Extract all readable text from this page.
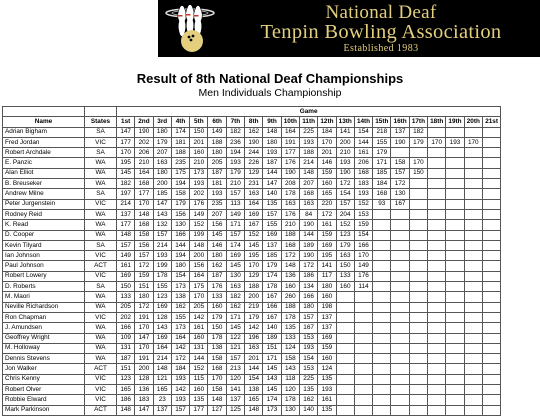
National Deaf
Tenpin Bowling Association
Established 1983
Result of 8th National Deaf Championships
Men Individuals Championship
		Game																				
Name	States	1st	2nd	3rd	4th	5th	6th	7th	8th	9th	10th	11th	12th	13th	14th	15th	16th	17th	18th	19th	20th	21st
Adrian Bigham	SA	147	190	180	174	150	149	182	162	148	164	225	184	141	154	218	137	182				
Fred Jordan	VIC	177	202	179	181	201	188	236	190	180	191	193	170	200	144	155	190	179	170	193	170	
Robert Archdale	SA	170	206	207	188	160	180	194	244	193	177	188	201	210	161	179						
E. Panzic	WA	195	210	163	235	210	205	193	226	187	176	214	146	193	206	171	158	170				
Alan Elliot	WA	145	164	180	175	173	187	179	129	144	190	148	159	190	168	185	157	150				
B. Breuseker	WA	182	168	200	194	193	181	210	231	147	208	207	160	172	183	184	172					
Andrew Milne	SA	197	177	185	158	202	193	157	163	140	178	168	165	154	193	168	130					
Peter Jurgenstein	VIC	214	170	147	179	176	235	113	164	135	163	163	220	157	152	93	167					
Rodney Reid	WA	137	148	143	156	149	207	149	169	157	176	84	172	204	153							
K. Read	WA	177	168	132	130	152	156	171	167	155	210	190	161	152	159							
D. Cooper	WA	148	158	157	166	199	145	157	152	169	188	144	159	123	154							
Kevin Tilyard	SA	157	156	214	144	148	146	174	145	137	168	189	169	179	166							
Ian Johnson	VIC	149	157	193	194	200	180	169	195	185	172	190	195	163	170							
Paul Johnson	ACT	161	172	199	180	156	162	145	170	179	148	172	141	150	149							
Robert Lowery	VIC	169	159	178	154	164	187	130	129	174	136	186	117	133	176							
D. Roberts	SA	150	151	155	173	175	176	163	188	178	160	134	180	160	114							
M. Maori	WA	133	180	123	138	170	133	182	200	167	260	166	160									
Neville Richardson	WA	205	172	169	162	205	160	162	219	166	188	180	198									
Ron Chapman	VIC	202	191	128	155	142	179	171	179	167	178	157	137									
J. Amundsen	WA	166	170	143	173	161	150	145	142	140	135	167	137									
Geoffrey Wright	WA	109	147	169	164	160	178	122	196	189	133	153	169									
M. Holloway	WA	131	170	164	142	131	138	121	163	151	124	193	159									
Dennis Stevens	WA	187	191	214	172	144	158	157	201	171	158	154	160									
Jon Walker	ACT	151	200	148	184	152	168	213	144	145	143	153	124									
Chris Kenny	VIC	123	128	121	193	115	170	120	154	143	118	225	135									
Robert Olver	VIC	165	136	165	142	160	158	141	138	145	120	135	193									
Robbie Elward	VIC	186	183	23	193	135	148	137	165	174	178	162	161									
Mark Parkinson	ACT	148	147	137	157	177	127	125	148	173	130	140	135									
